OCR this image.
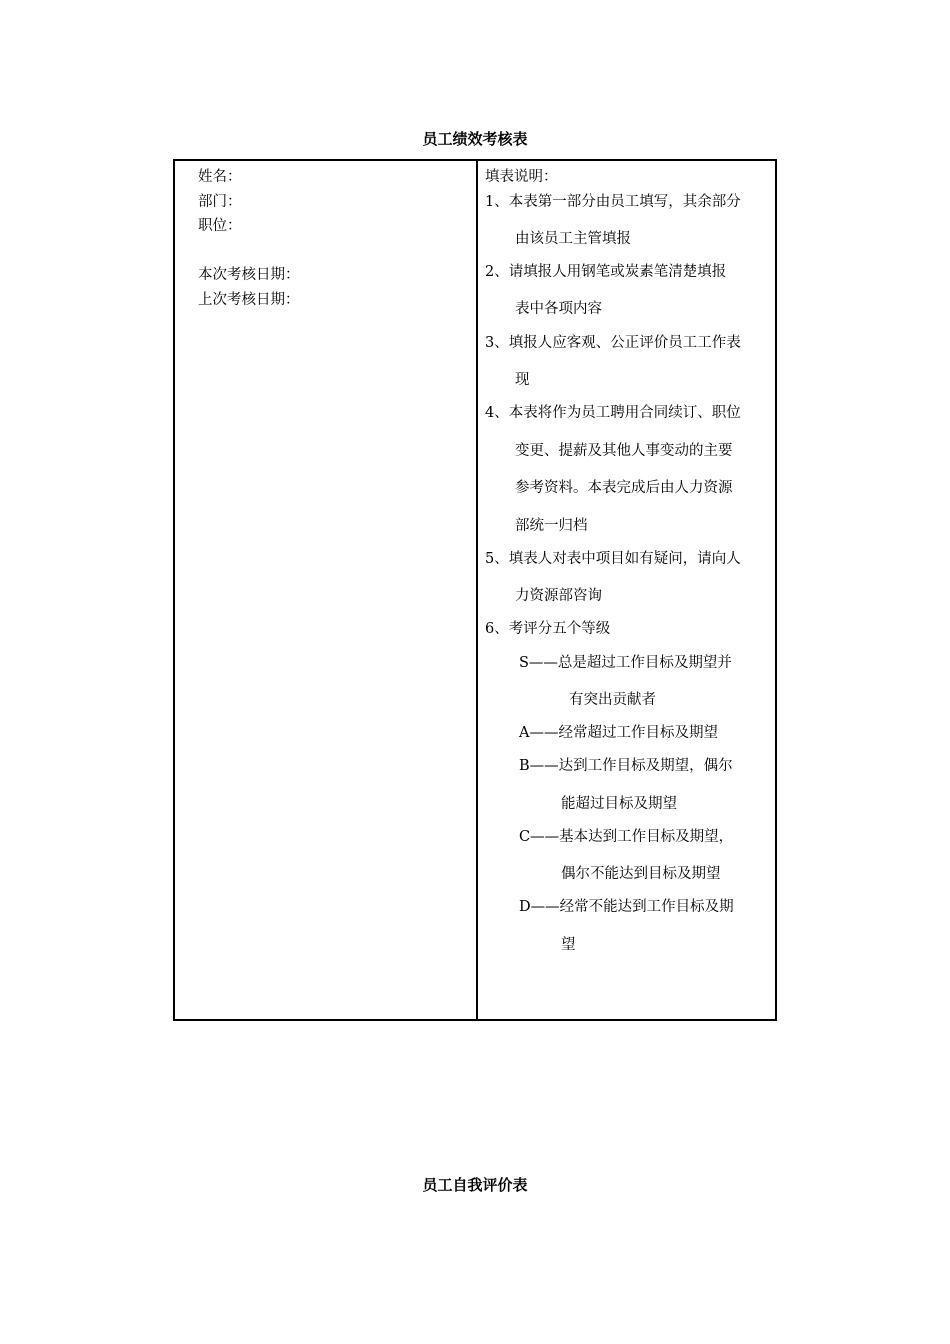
员工绩效考核表
姓名：
部门：
职位：
本次考核日期：
上次考核日期：

填表说明：

1、本表第一部分由员工填写，其余部分

由该员工主管填报

2、请填报人用钢笔或炭素笔清楚填报

表中各项内容

3、填报人应客观、公正评价员工工作表

现

4、本表将作为员工聘用合同续订、职位

变更、提薪及其他人事变动的主要

参考资料。本表完成后由人力资源

部统一归档

5、填表人对表中项目如有疑问，请向人

力资源部咨询

6、考评分五个等级

S——总是超过工作目标及期望并

有突出贡献者

A——经常超过工作目标及期望

B——达到工作目标及期望，偶尔

能超过目标及期望

C——基本达到工作目标及期望，

偶尔不能达到目标及期望

D——经常不能达到工作目标及期

望

员工自我评价表
